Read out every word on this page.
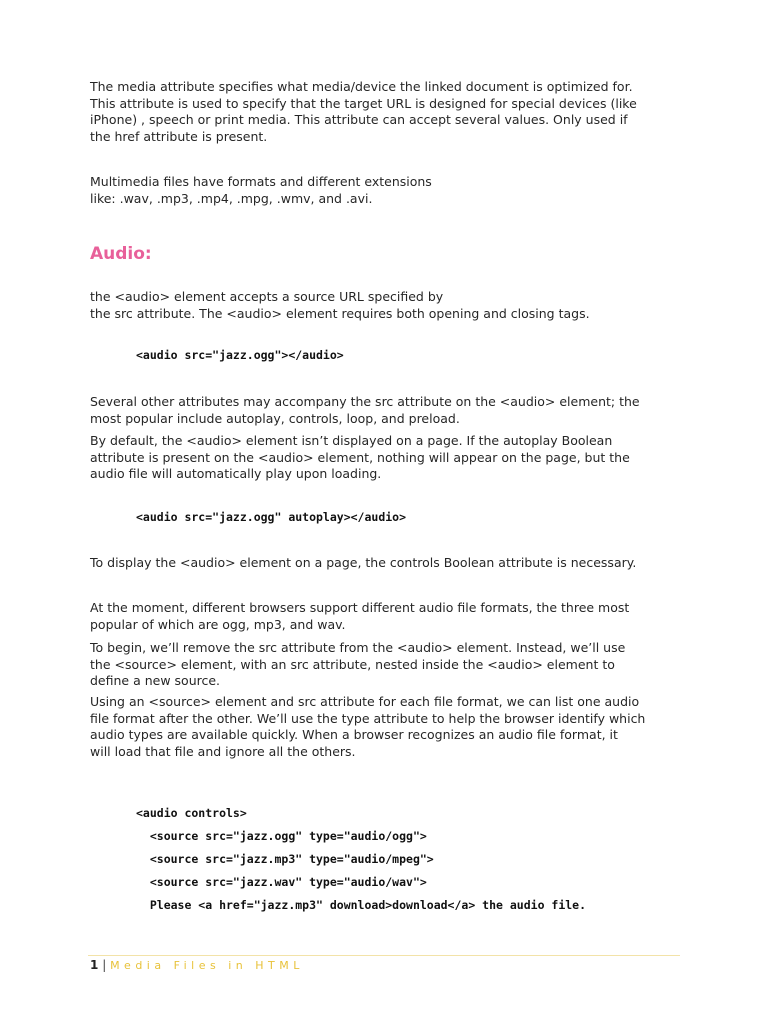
The media attribute specifies what media/device the linked document is optimized for.
This attribute is used to specify that the target URL is designed for special devices (like
iPhone) , speech or print media. This attribute can accept several values. Only used if
the href attribute is present.

Multimedia files have formats and different extensions
like: .wav, .mp3, .mp4, .mpg, .wmv, and .avi.

Audio:

the <audio> element accepts a source URL specified by
the src attribute. The <audio> element requires both opening and closing tags.

<audio src="jazz.ogg"></audio>

Several other attributes may accompany the src attribute on the <audio> element; the
most popular include autoplay, controls, loop, and preload.

By default, the <audio> element isn’t displayed on a page. If the autoplay Boolean
attribute is present on the <audio> element, nothing will appear on the page, but the
audio file will automatically play upon loading.

<audio src="jazz.ogg" autoplay></audio>

To display the <audio> element on a page, the controls Boolean attribute is necessary.

At the moment, different browsers support different audio file formats, the three most
popular of which are ogg, mp3, and wav.

To begin, we’ll remove the src attribute from the <audio> element. Instead, we’ll use
the <source> element, with an src attribute, nested inside the <audio> element to
define a new source.

Using an <source> element and src attribute for each file format, we can list one audio
file format after the other. We’ll use the type attribute to help the browser identify which
audio types are available quickly. When a browser recognizes an audio file format, it
will load that file and ignore all the others.

<audio controls>
<source src="jazz.ogg" type="audio/ogg">
<source src="jazz.mp3" type="audio/mpeg">
<source src="jazz.wav" type="audio/wav">
Please <a href="jazz.mp3" download>download</a> the audio file.
1 | Media Files in HTML
